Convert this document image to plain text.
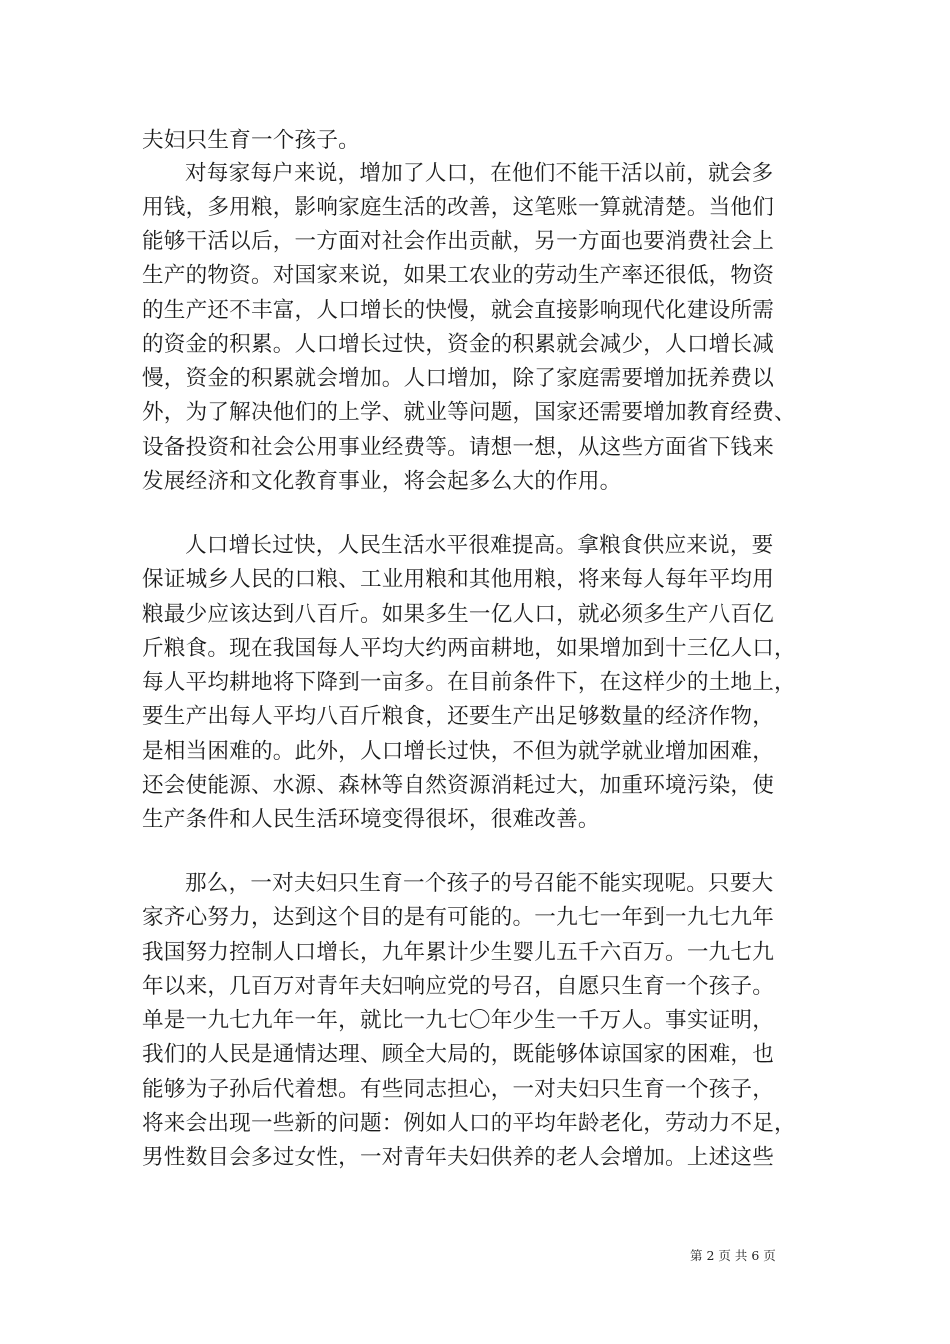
夫妇只生育一个孩子。
对每家每户来说，增加了人口，在他们不能干活以前，就会多
用钱，多用粮，影响家庭生活的改善，这笔账一算就清楚。当他们
能够干活以后，一方面对社会作出贡献，另一方面也要消费社会上
生产的物资。对国家来说，如果工农业的劳动生产率还很低，物资
的生产还不丰富，人口增长的快慢，就会直接影响现代化建设所需
的资金的积累。人口增长过快，资金的积累就会减少，人口增长减
慢，资金的积累就会增加。人口增加，除了家庭需要增加抚养费以
外，为了解决他们的上学、就业等问题，国家还需要增加教育经费、
设备投资和社会公用事业经费等。请想一想，从这些方面省下钱来
发展经济和文化教育事业，将会起多么大的作用。
人口增长过快，人民生活水平很难提高。拿粮食供应来说，要
保证城乡人民的口粮、工业用粮和其他用粮，将来每人每年平均用
粮最少应该达到八百斤。如果多生一亿人口，就必须多生产八百亿
斤粮食。现在我国每人平均大约两亩耕地，如果增加到十三亿人口，
每人平均耕地将下降到一亩多。在目前条件下，在这样少的土地上，
要生产出每人平均八百斤粮食，还要生产出足够数量的经济作物，
是相当困难的。此外，人口增长过快，不但为就学就业增加困难，
还会使能源、水源、森林等自然资源消耗过大，加重环境污染，使
生产条件和人民生活环境变得很坏，很难改善。
那么，一对夫妇只生育一个孩子的号召能不能实现呢。只要大
家齐心努力，达到这个目的是有可能的。一九七一年到一九七九年
我国努力控制人口增长，九年累计少生婴儿五千六百万。一九七九
年以来，几百万对青年夫妇响应党的号召，自愿只生育一个孩子。
单是一九七九年一年，就比一九七〇年少生一千万人。事实证明，
我们的人民是通情达理、顾全大局的，既能够体谅国家的困难，也
能够为子孙后代着想。有些同志担心，一对夫妇只生育一个孩子，
将来会出现一些新的问题：例如人口的平均年龄老化，劳动力不足，
男性数目会多过女性，一对青年夫妇供养的老人会增加。上述这些
第 2 页 共 6 页
